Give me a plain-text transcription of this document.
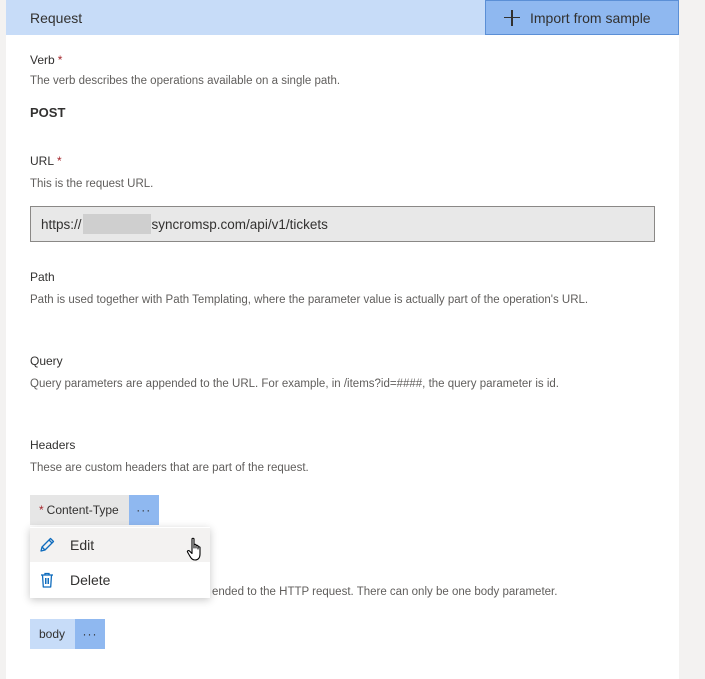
Request	Import from sample
Verb *
The verb describes the operations available on a single path.
POST
URL *
This is the request URL.
https://	syncromsp.com/api/v1/tickets
Path
Path is used together with Path Templating, where the parameter value is actually part of the operation's URL.
Query
Query parameters are appended to the URL. For example, in /items?id=####, the query parameter is id.
Headers
These are custom headers that are part of the request.
* Content-Type	···
ended to the HTTP request. There can only be one body parameter.
body	···
Edit
Delete
